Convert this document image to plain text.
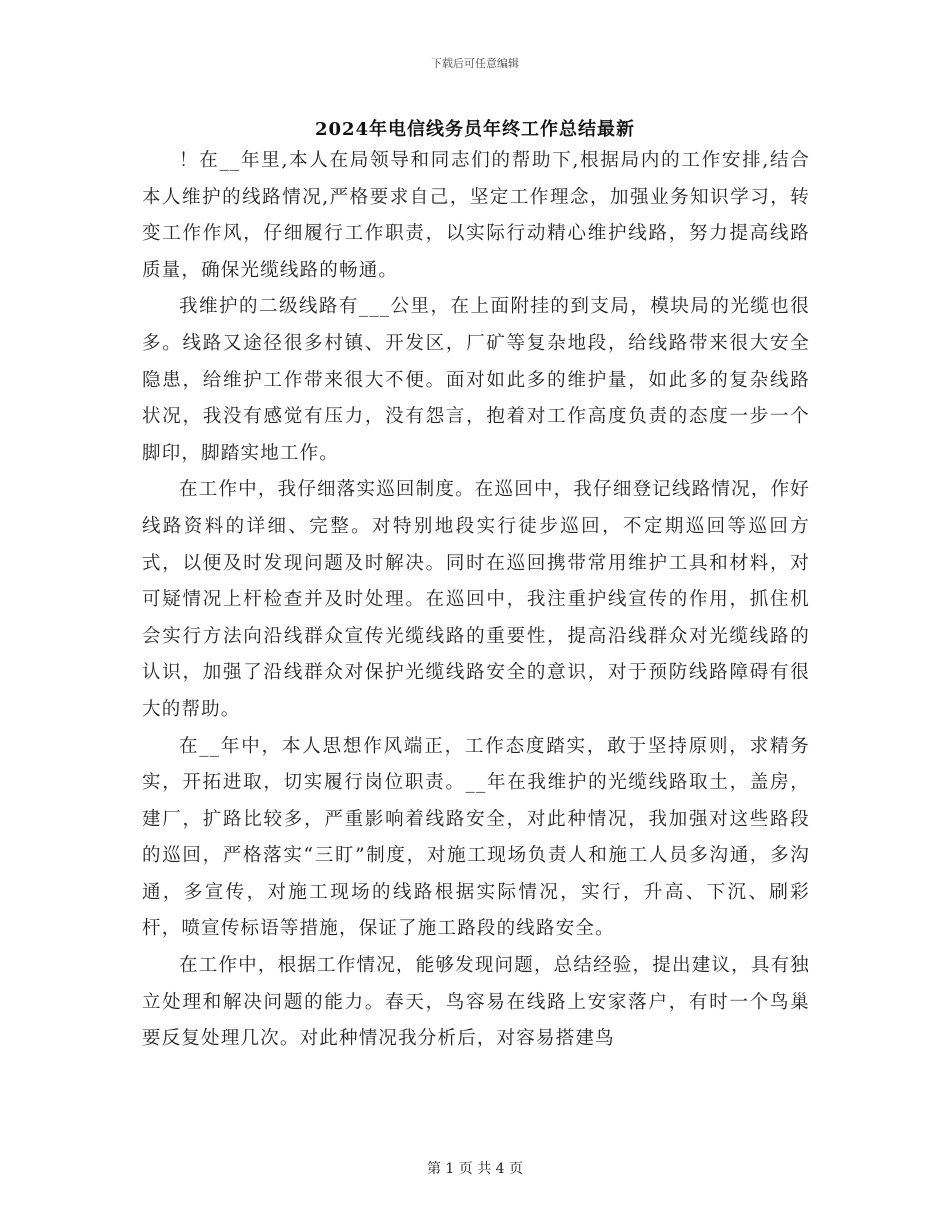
下载后可任意编辑
2024年电信线务员年终工作总结最新

！在__年里,本人在局领导和同志们的帮助下,根据局内的工作安排,结合本人维护的线路情况,严格要求自己，坚定工作理念，加强业务知识学习，转变工作作风，仔细履行工作职责，以实际行动精心维护线路，努力提高线路质量，确保光缆线路的畅通。

我维护的二级线路有___公里，在上面附挂的到支局，模块局的光缆也很多。线路又途径很多村镇、开发区，厂矿等复杂地段，给线路带来很大安全隐患，给维护工作带来很大不便。面对如此多的维护量，如此多的复杂线路状况，我没有感觉有压力，没有怨言，抱着对工作高度负责的态度一步一个脚印，脚踏实地工作。

在工作中，我仔细落实巡回制度。在巡回中，我仔细登记线路情况，作好线路资料的详细、完整。对特别地段实行徒步巡回，不定期巡回等巡回方式，以便及时发现问题及时解决。同时在巡回携带常用维护工具和材料，对可疑情况上杆检查并及时处理。在巡回中，我注重护线宣传的作用，抓住机会实行方法向沿线群众宣传光缆线路的重要性，提高沿线群众对光缆线路的认识，加强了沿线群众对保护光缆线路安全的意识，对于预防线路障碍有很大的帮助。

在__年中，本人思想作风端正，工作态度踏实，敢于坚持原则，求精务实，开拓进取，切实履行岗位职责。__年在我维护的光缆线路取土，盖房，建厂，扩路比较多，严重影响着线路安全，对此种情况，我加强对这些路段的巡回，严格落实“三盯”制度，对施工现场负责人和施工人员多沟通，多沟通，多宣传，对施工现场的线路根据实际情况，实行，升高、下沉、刷彩杆，喷宣传标语等措施，保证了施工路段的线路安全。

在工作中，根据工作情况，能够发现问题，总结经验，提出建议，具有独立处理和解决问题的能力。春天，鸟容易在线路上安家落户，有时一个鸟巢要反复处理几次。对此种情况我分析后，对容易搭建鸟

第 1 页 共 4 页
